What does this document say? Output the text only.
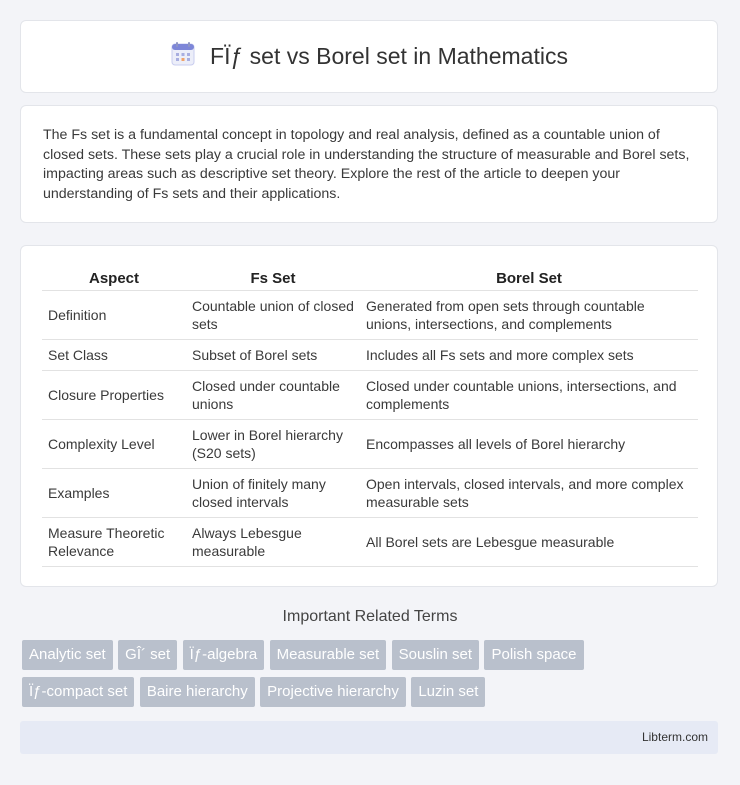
FÏƒ set vs Borel set in Mathematics

The Fs set is a fundamental concept in topology and real analysis, defined as a countable union of closed sets. These sets play a crucial role in understanding the structure of measurable and Borel sets, impacting areas such as descriptive set theory. Explore the rest of the article to deepen your understanding of Fs sets and their applications.

Aspect	Fs Set	Borel Set
Definition	Countable union of closed sets	Generated from open sets through countable unions, intersections, and complements
Set Class	Subset of Borel sets	Includes all Fs sets and more complex sets
Closure Properties	Closed under countable unions	Closed under countable unions, intersections, and complements
Complexity Level	Lower in Borel hierarchy (S20 sets)	Encompasses all levels of Borel hierarchy
Examples	Union of finitely many closed intervals	Open intervals, closed intervals, and more complex measurable sets
Measure Theoretic Relevance	Always Lebesgue measurable	All Borel sets are Lebesgue measurable
Important Related Terms
Analytic set GÎ´ set Ïƒ-algebra Measurable set Souslin set Polish space
Ïƒ-compact set Baire hierarchy Projective hierarchy Luzin set
Libterm.com
